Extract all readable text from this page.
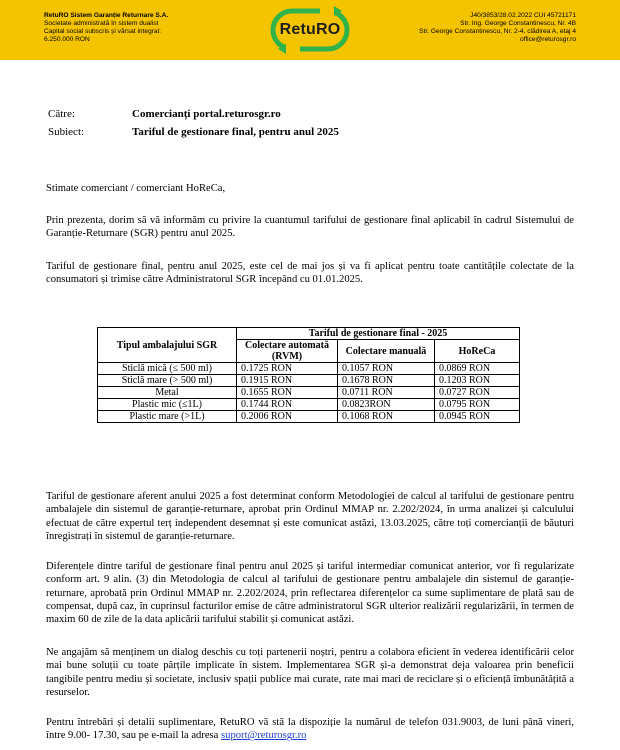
RetuRO Sistem Garanție Returnare S.A.
Societate administrată în sistem dualist
Capital social subscris și vărsat integral:
6.250.000 RON
RetuRO
J40/3853/28.02.2022 CUI 45721171
Str. Ing. George Constantinescu, Nr. 4B
Str. George Constantinescu, Nr. 2-4, clădirea A, etaj 4
office@returosgr.ro
Către:	Comercianți portal.returosgr.ro
Subiect:	Tariful de gestionare final, pentru anul 2025
Stimate comerciant / comerciant HoReCa,
Prin prezenta, dorim să vă informăm cu privire la cuantumul tarifului de gestionare final aplicabil în cadrul Sistemului de Garanție-Returnare (SGR) pentru anul 2025.
Tariful de gestionare final, pentru anul 2025, este cel de mai jos și va fi aplicat pentru toate cantitățile colectate de la consumatori și trimise către Administratorul SGR începând cu 01.01.2025.
Tipul ambalajului SGR	Tariful de gestionare final - 2025		
	Colectare automată (RVM)	Colectare manuală	HoReCa
Sticlă mică (≤ 500 ml)	0.1725 RON	0.1057 RON	0.0869 RON
Sticlă mare (> 500 ml)	0.1915 RON	0.1678 RON	0.1203 RON
Metal	0.1655 RON	0.0711 RON	0.0727 RON
Plastic mic (≤1L)	0.1744 RON	0.0823RON	0.0795 RON
Plastic mare (>1L)	0.2006 RON	0.1068 RON	0.0945 RON
Tariful de gestionare aferent anului 2025 a fost determinat conform Metodologiei de calcul al tarifului de gestionare pentru ambalajele din sistemul de garanție-returnare, aprobat prin Ordinul MMAP nr. 2.202/2024, în urma analizei și calculului efectuat de către expertul terț independent desemnat și este comunicat astăzi, 13.03.2025, către toți comercianții de băuturi înregistrați în sistemul de garanție-returnare.
Diferențele dintre tariful de gestionare final pentru anul 2025 și tariful intermediar comunicat anterior, vor fi regularizate conform art. 9 alin. (3) din Metodologia de calcul al tarifului de gestionare pentru ambalajele din sistemul de garanție-returnare, aprobată prin Ordinul MMAP nr. 2.202/2024, prin reflectarea diferențelor ca sume suplimentare de plată sau de compensat, după caz, în cuprinsul facturilor emise de către administratorul SGR ulterior realizării regularizării, în termen de maxim 60 de zile de la data aplicării tarifului stabilit și comunicat astăzi.
Ne angajăm să menținem un dialog deschis cu toți partenerii noștri, pentru a colabora eficient în vederea identificării celor mai bune soluții cu toate părțile implicate în sistem. Implementarea SGR și-a demonstrat deja valoarea prin beneficii tangibile pentru mediu și societate, inclusiv spații publice mai curate, rate mai mari de reciclare și o eficiență îmbunătățită a resurselor.
Pentru întrebări și detalii suplimentare, RetuRO vă stă la dispoziție la numărul de telefon 031.9003, de luni până vineri, între 9.00- 17.30, sau pe e-mail la adresa suport@returosgr.ro
